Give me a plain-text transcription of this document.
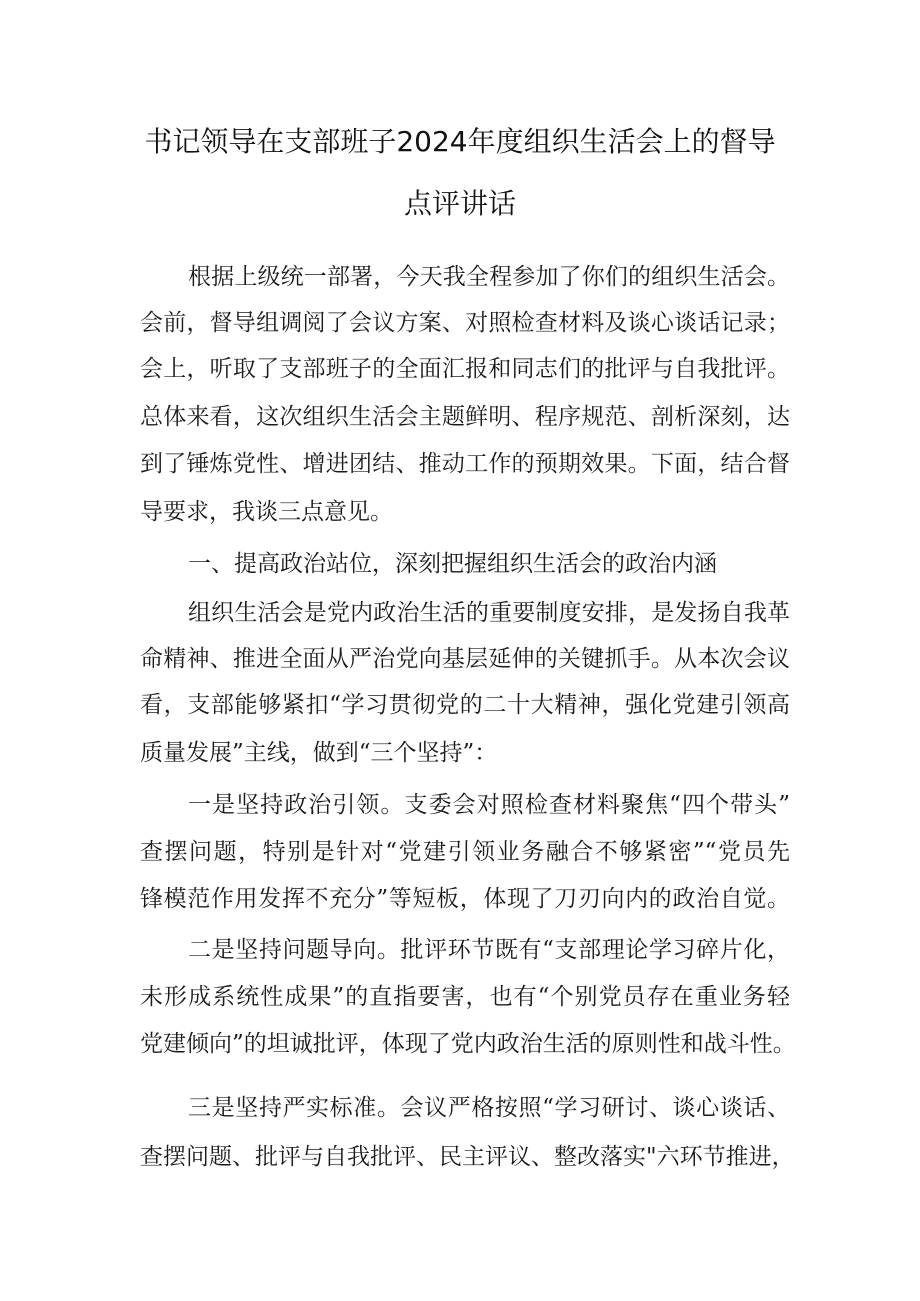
书记领导在支部班子2024年度组织生活会上的督导
点评讲话
根据上级统一部署，今天我全程参加了你们的组织生活会。
会前，督导组调阅了会议方案、对照检查材料及谈心谈话记录；
会上，听取了支部班子的全面汇报和同志们的批评与自我批评。
总体来看，这次组织生活会主题鲜明、程序规范、剖析深刻，达
到了锤炼党性、增进团结、推动工作的预期效果。下面，结合督
导要求，我谈三点意见。
一、提高政治站位，深刻把握组织生活会的政治内涵
组织生活会是党内政治生活的重要制度安排，是发扬自我革
命精神、推进全面从严治党向基层延伸的关键抓手。从本次会议
看，支部能够紧扣“学习贯彻党的二十大精神，强化党建引领高
质量发展”主线，做到“三个坚持”：
一是坚持政治引领。支委会对照检查材料聚焦“四个带头”
查摆问题，特别是针对“党建引领业务融合不够紧密”“党员先
锋模范作用发挥不充分”等短板，体现了刀刃向内的政治自觉。
二是坚持问题导向。批评环节既有“支部理论学习碎片化，
未形成系统性成果”的直指要害，也有“个别党员存在重业务轻
党建倾向”的坦诚批评，体现了党内政治生活的原则性和战斗性。
三是坚持严实标准。会议严格按照“学习研讨、谈心谈话、
查摆问题、批评与自我批评、民主评议、整改落实"六环节推进，
